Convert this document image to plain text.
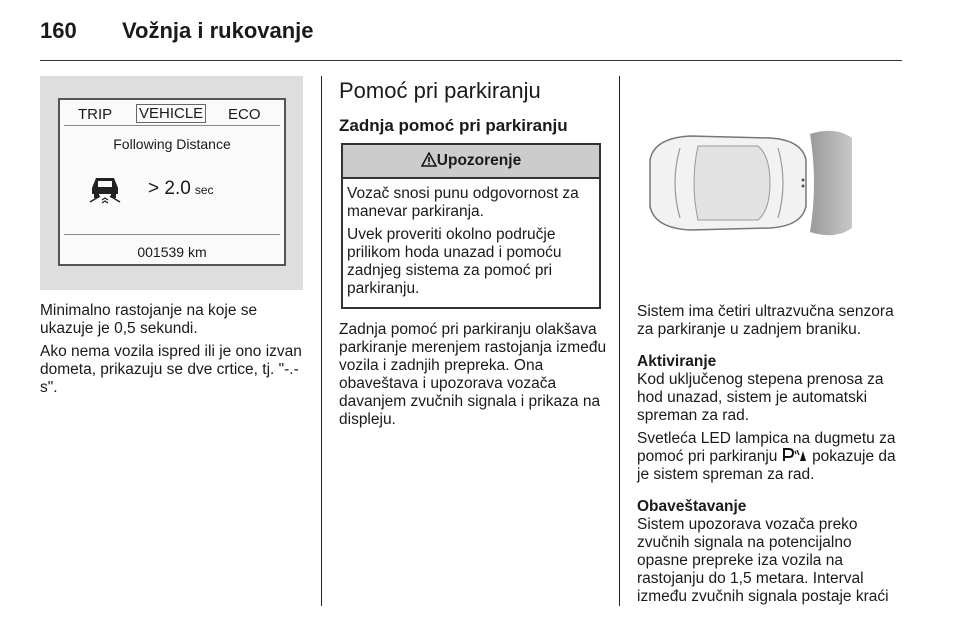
160 Vožnja i rukovanje
TRIP VEHICLE ECO
Following Distance
> 2.0 sec
001539 km

Minimalno rastojanje na koje se ukazuje je 0,5 sekundi.

Ako nema vozila ispred ili je ono izvan dometa, prikazuju se dve crtice, tj. "-.- s".

Pomoć pri parkiranju
Zadnja pomoć pri parkiranju
Upozorenje

Vozač snosi punu odgovornost za manevar parkiranja.

Uvek proveriti okolno područje prilikom hoda unazad i pomoću zadnjeg sistema za pomoć pri parkiranju.

Zadnja pomoć pri parkiranju olakšava parkiranje merenjem rastojanja između vozila i zadnjih prepreka. Ona obaveštava i upozorava vozača davanjem zvučnih signala i prikaza na displeju.

Sistem ima četiri ultrazvučna senzora za parkiranje u zadnjem braniku.

Aktiviranje

Kod uključenog stepena prenosa za hod unazad, sistem je automatski spreman za rad.

Svetleća LED lampica na dugmetu za pomoć pri parkiranju pokazuje da je sistem spreman za rad.

Obaveštavanje

Sistem upozorava vozača preko zvučnih signala na potencijalno opasne prepreke iza vozila na rastojanju do 1,5 metara. Interval između zvučnih signala postaje kraći
